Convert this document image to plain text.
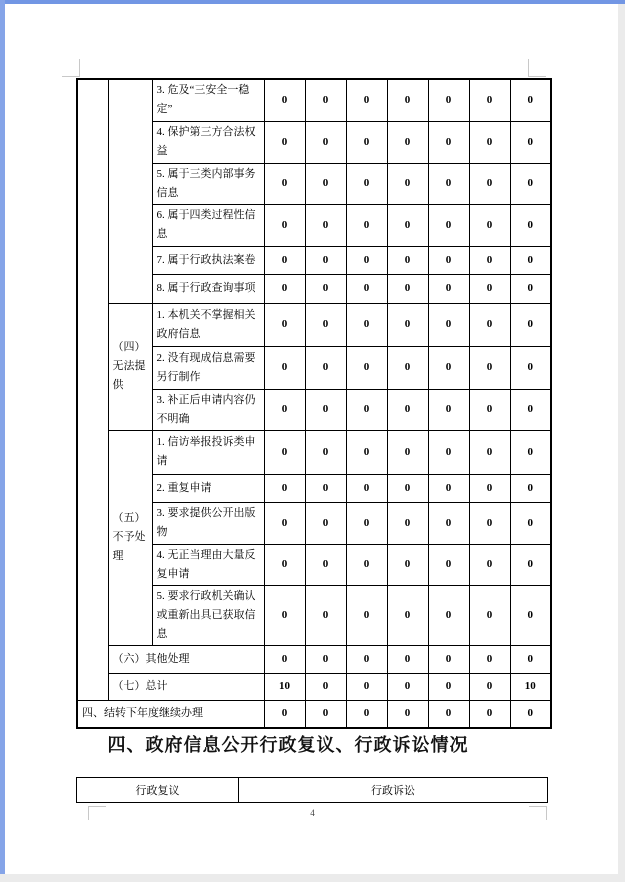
		3. 危及“三安全一稳定”	0	0	0	0	0	0	0
		4. 保护第三方合法权益	0	0	0	0	0	0	0
		5. 属于三类内部事务信息	0	0	0	0	0	0	0
		6. 属于四类过程性信息	0	0	0	0	0	0	0
		7. 属于行政执法案卷	0	0	0	0	0	0	0
		8. 属于行政查询事项	0	0	0	0	0	0	0
	（四）无法提供	1. 本机关不掌握相关政府信息	0	0	0	0	0	0	0
		2. 没有现成信息需要另行制作	0	0	0	0	0	0	0
		3. 补正后申请内容仍不明确	0	0	0	0	0	0	0
	（五）不予处理	1. 信访举报投诉类申请	0	0	0	0	0	0	0
		2. 重复申请	0	0	0	0	0	0	0
		3. 要求提供公开出版物	0	0	0	0	0	0	0
		4. 无正当理由大量反复申请	0	0	0	0	0	0	0
		5. 要求行政机关确认或重新出具已获取信息	0	0	0	0	0	0	0
	（六）其他处理		0	0	0	0	0	0	0
	（七）总计		10	0	0	0	0	0	10
四、结转下年度继续办理			0	0	0	0	0	0	0
四、政府信息公开行政复议、行政诉讼情况
行政复议	行政诉讼
4
